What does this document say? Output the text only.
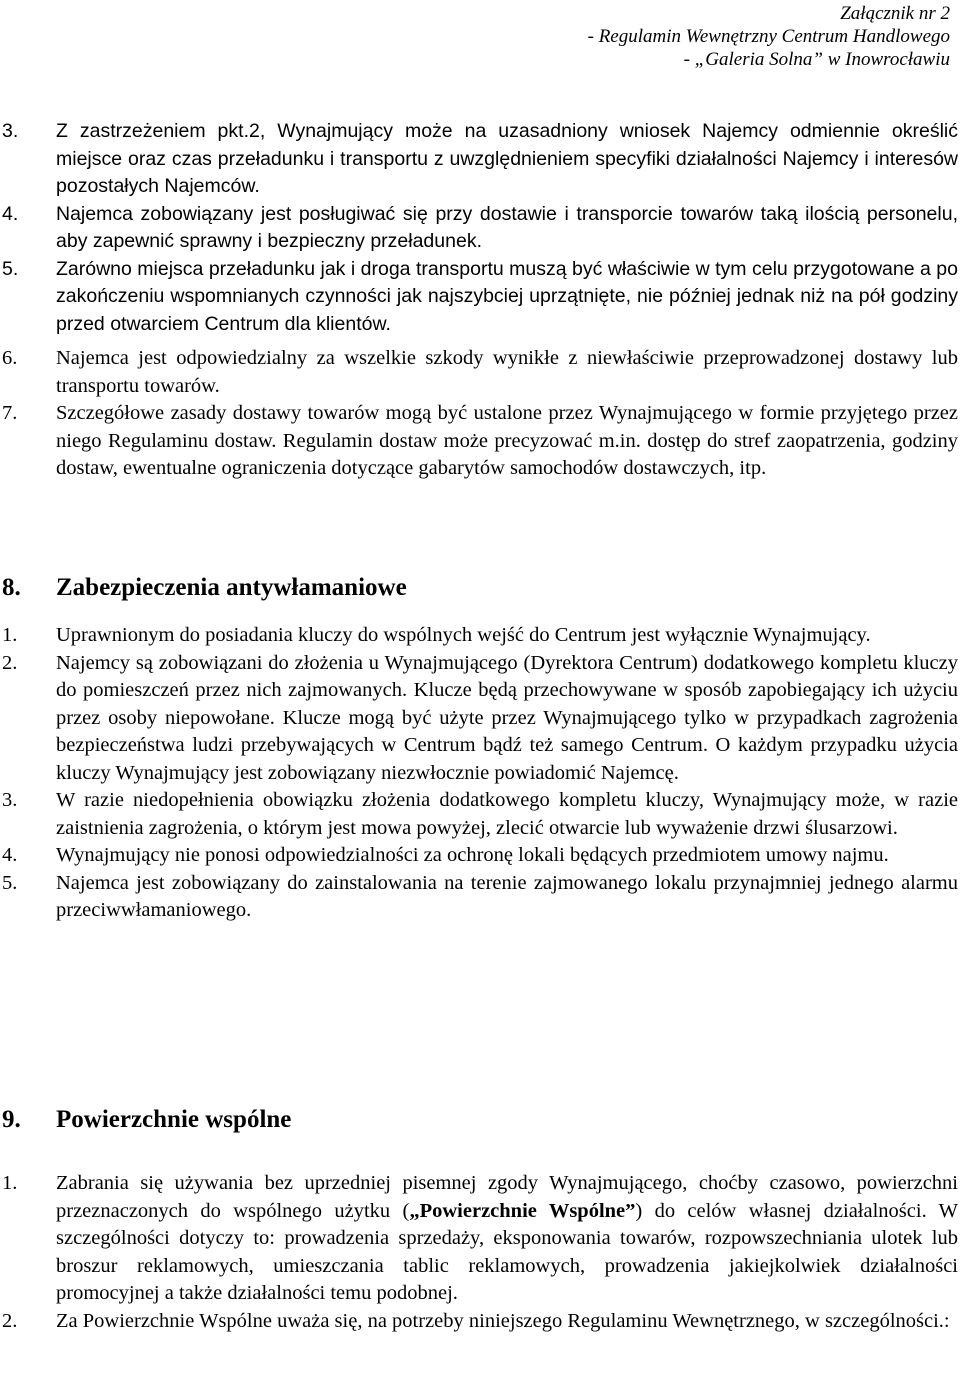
Załącznik nr 2
- Regulamin Wewnętrzny Centrum Handlowego
- „Galeria Solna” w Inowrocławiu
3. Z zastrzeżeniem pkt.2, Wynajmujący może na uzasadniony wniosek Najemcy odmiennie określić miejsce oraz czas przeładunku i transportu z uwzględnieniem specyfiki działalności Najemcy i interesów pozostałych Najemców.
4. Najemca zobowiązany jest posługiwać się przy dostawie i transporcie towarów taką ilością personelu, aby zapewnić sprawny i bezpieczny przeładunek.
5. Zarówno miejsca przeładunku jak i droga transportu muszą być właściwie w tym celu przygotowane a po zakończeniu wspomnianych czynności jak najszybciej uprzątnięte, nie później jednak niż na pół godziny przed otwarciem Centrum dla klientów.
6. Najemca jest odpowiedzialny za wszelkie szkody wynikłe z niewłaściwie przeprowadzonej dostawy lub transportu towarów.
7. Szczegółowe zasady dostawy towarów mogą być ustalone przez Wynajmującego w formie przyjętego przez niego Regulaminu dostaw. Regulamin dostaw może precyzować m.in. dostęp do stref zaopatrzenia, godziny dostaw, ewentualne ograniczenia dotyczące gabarytów samochodów dostawczych, itp.
8. Zabezpieczenia antywłamaniowe
1. Uprawnionym do posiadania kluczy do wspólnych wejść do Centrum jest wyłącznie Wynajmujący.
2. Najemcy są zobowiązani do złożenia u Wynajmującego (Dyrektora Centrum) dodatkowego kompletu kluczy do pomieszczeń przez nich zajmowanych. Klucze będą przechowywane w sposób zapobiegający ich użyciu przez osoby niepowołane. Klucze mogą być użyte przez Wynajmującego tylko w przypadkach zagrożenia bezpieczeństwa ludzi przebywających w Centrum bądź też samego Centrum. O każdym przypadku użycia kluczy Wynajmujący jest zobowiązany niezwłocznie powiadomić Najemcę.
3. W razie niedopełnienia obowiązku złożenia dodatkowego kompletu kluczy, Wynajmujący może, w razie zaistnienia zagrożenia, o którym jest mowa powyżej, zlecić otwarcie lub wyważenie drzwi ślusarzowi.
4. Wynajmujący nie ponosi odpowiedzialności za ochronę lokali będących przedmiotem umowy najmu.
5. Najemca jest zobowiązany do zainstalowania na terenie zajmowanego lokalu przynajmniej jednego alarmu przeciwwłamaniowego.
9. Powierzchnie wspólne
1. Zabrania się używania bez uprzedniej pisemnej zgody Wynajmującego, choćby czasowo, powierzchni przeznaczonych do wspólnego użytku („Powierzchnie Wspólne”) do celów własnej działalności. W szczególności dotyczy to: prowadzenia sprzedaży, eksponowania towarów, rozpowszechniania ulotek lub broszur reklamowych, umieszczania tablic reklamowych, prowadzenia jakiejkolwiek działalności promocyjnej a także działalności temu podobnej.
2. Za Powierzchnie Wspólne uważa się, na potrzeby niniejszego Regulaminu Wewnętrznego, w szczególności.:
